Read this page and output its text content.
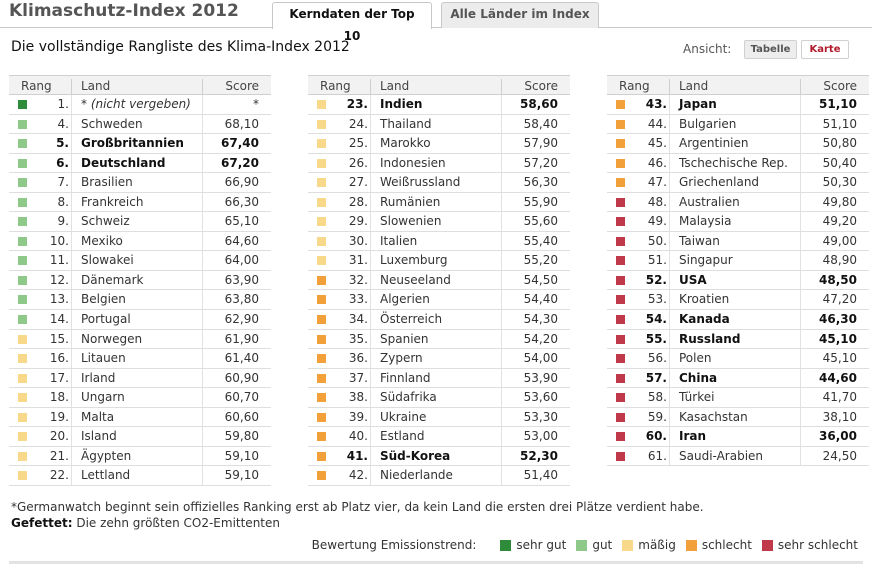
Klimaschutz-Index 2012	Kerndaten der Top 10
Alle Länder im Index
Die vollständige Rangliste des Klima-Index 2012	Ansicht:	Tabelle	Karte
Rang Land	Score
1. * (nicht vergeben)	*
4. Schweden	68,10
5. Großbritannien	67,40
6. Deutschland	67,20
7. Brasilien	66,90
8. Frankreich	66,30
9. Schweiz	65,10
10. Mexiko	64,60
11. Slowakei	64,00
12. Dänemark	63,90
13. Belgien	63,80
14. Portugal	62,90
15. Norwegen	61,90
16. Litauen	61,40
17. Irland	60,90
18. Ungarn	60,70
19. Malta	60,60
20. Island	59,80
21. Ägypten	59,10
22. Lettland	59,10
Rang Land	Score
23. Indien	58,60
24. Thailand	58,40
25. Marokko	57,90
26. Indonesien	57,20
27. Weißrussland	56,30
28. Rumänien	55,90
29. Slowenien	55,60
30. Italien	55,40
31. Luxemburg	55,20
32. Neuseeland	54,50
33. Algerien	54,40
34. Österreich	54,30
35. Spanien	54,20
36. Zypern	54,00
37. Finnland	53,90
38. Südafrika	53,60
39. Ukraine	53,30
40. Estland	53,00
41. Süd-Korea	52,30
42. Niederlande	51,40
Rang Land	Score
43. Japan	51,10
44. Bulgarien	51,10
45. Argentinien	50,80
46. Tschechische Rep.	50,40
47. Griechenland	50,30
48. Australien	49,80
49. Malaysia	49,20
50. Taiwan	49,00
51. Singapur	48,90
52. USA	48,50
53. Kroatien	47,20
54. Kanada	46,30
55. Russland	45,10
56. Polen	45,10
57. China	44,60
58. Türkei	41,70
59. Kasachstan	38,10
60. Iran	36,00
61. Saudi-Arabien	24,50
*Germanwatch beginnt sein offizielles Ranking erst ab Platz vier, da kein Land die ersten drei Plätze verdient habe.
Gefettet: Die zehn größten CO2-Emittenten
Bewertung Emissionstrend:	sehr gut gut mäßig schlecht sehr schlecht
